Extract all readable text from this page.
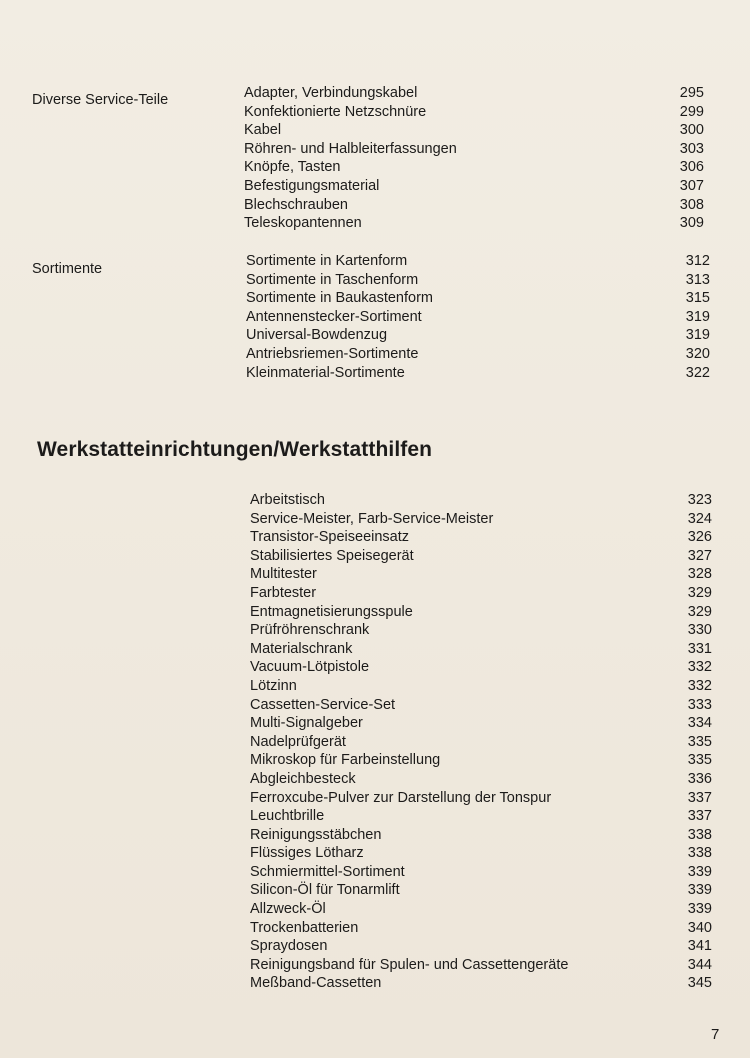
Diverse Service-Teile	Adapter, Verbindungskabel	295
Konfektionierte Netzschnüre	299
Kabel	300
Röhren- und Halbleiterfassungen	303
Knöpfe, Tasten	306
Befestigungsmaterial	307
Blechschrauben	308
Teleskopantennen	309
Sortimente	Sortimente in Kartenform	312
Sortimente in Taschenform	313
Sortimente in Baukastenform	315
Antennenstecker-Sortiment	319
Universal-Bowdenzug	319
Antriebsriemen-Sortimente	320
Kleinmaterial-Sortimente	322
Werkstatteinrichtungen/Werkstatthilfen
Arbeitstisch	323
Service-Meister, Farb-Service-Meister	324
Transistor-Speiseeinsatz	326
Stabilisiertes Speisegerät	327
Multitester	328
Farbtester	329
Entmagnetisierungsspule	329
Prüfröhrenschrank	330
Materialschrank	331
Vacuum-Lötpistole	332
Lötzinn	332
Cassetten-Service-Set	333
Multi-Signalgeber	334
Nadelprüfgerät	335
Mikroskop für Farbeinstellung	335
Abgleichbesteck	336
Ferroxcube-Pulver zur Darstellung der Tonspur	337
Leuchtbrille	337
Reinigungsstäbchen	338
Flüssiges Lötharz	338
Schmiermittel-Sortiment	339
Silicon-Öl für Tonarmlift	339
Allzweck-Öl	339
Trockenbatterien	340
Spraydosen	341
Reinigungsband für Spulen- und Cassettengeräte	344
Meßband-Cassetten	345
7
